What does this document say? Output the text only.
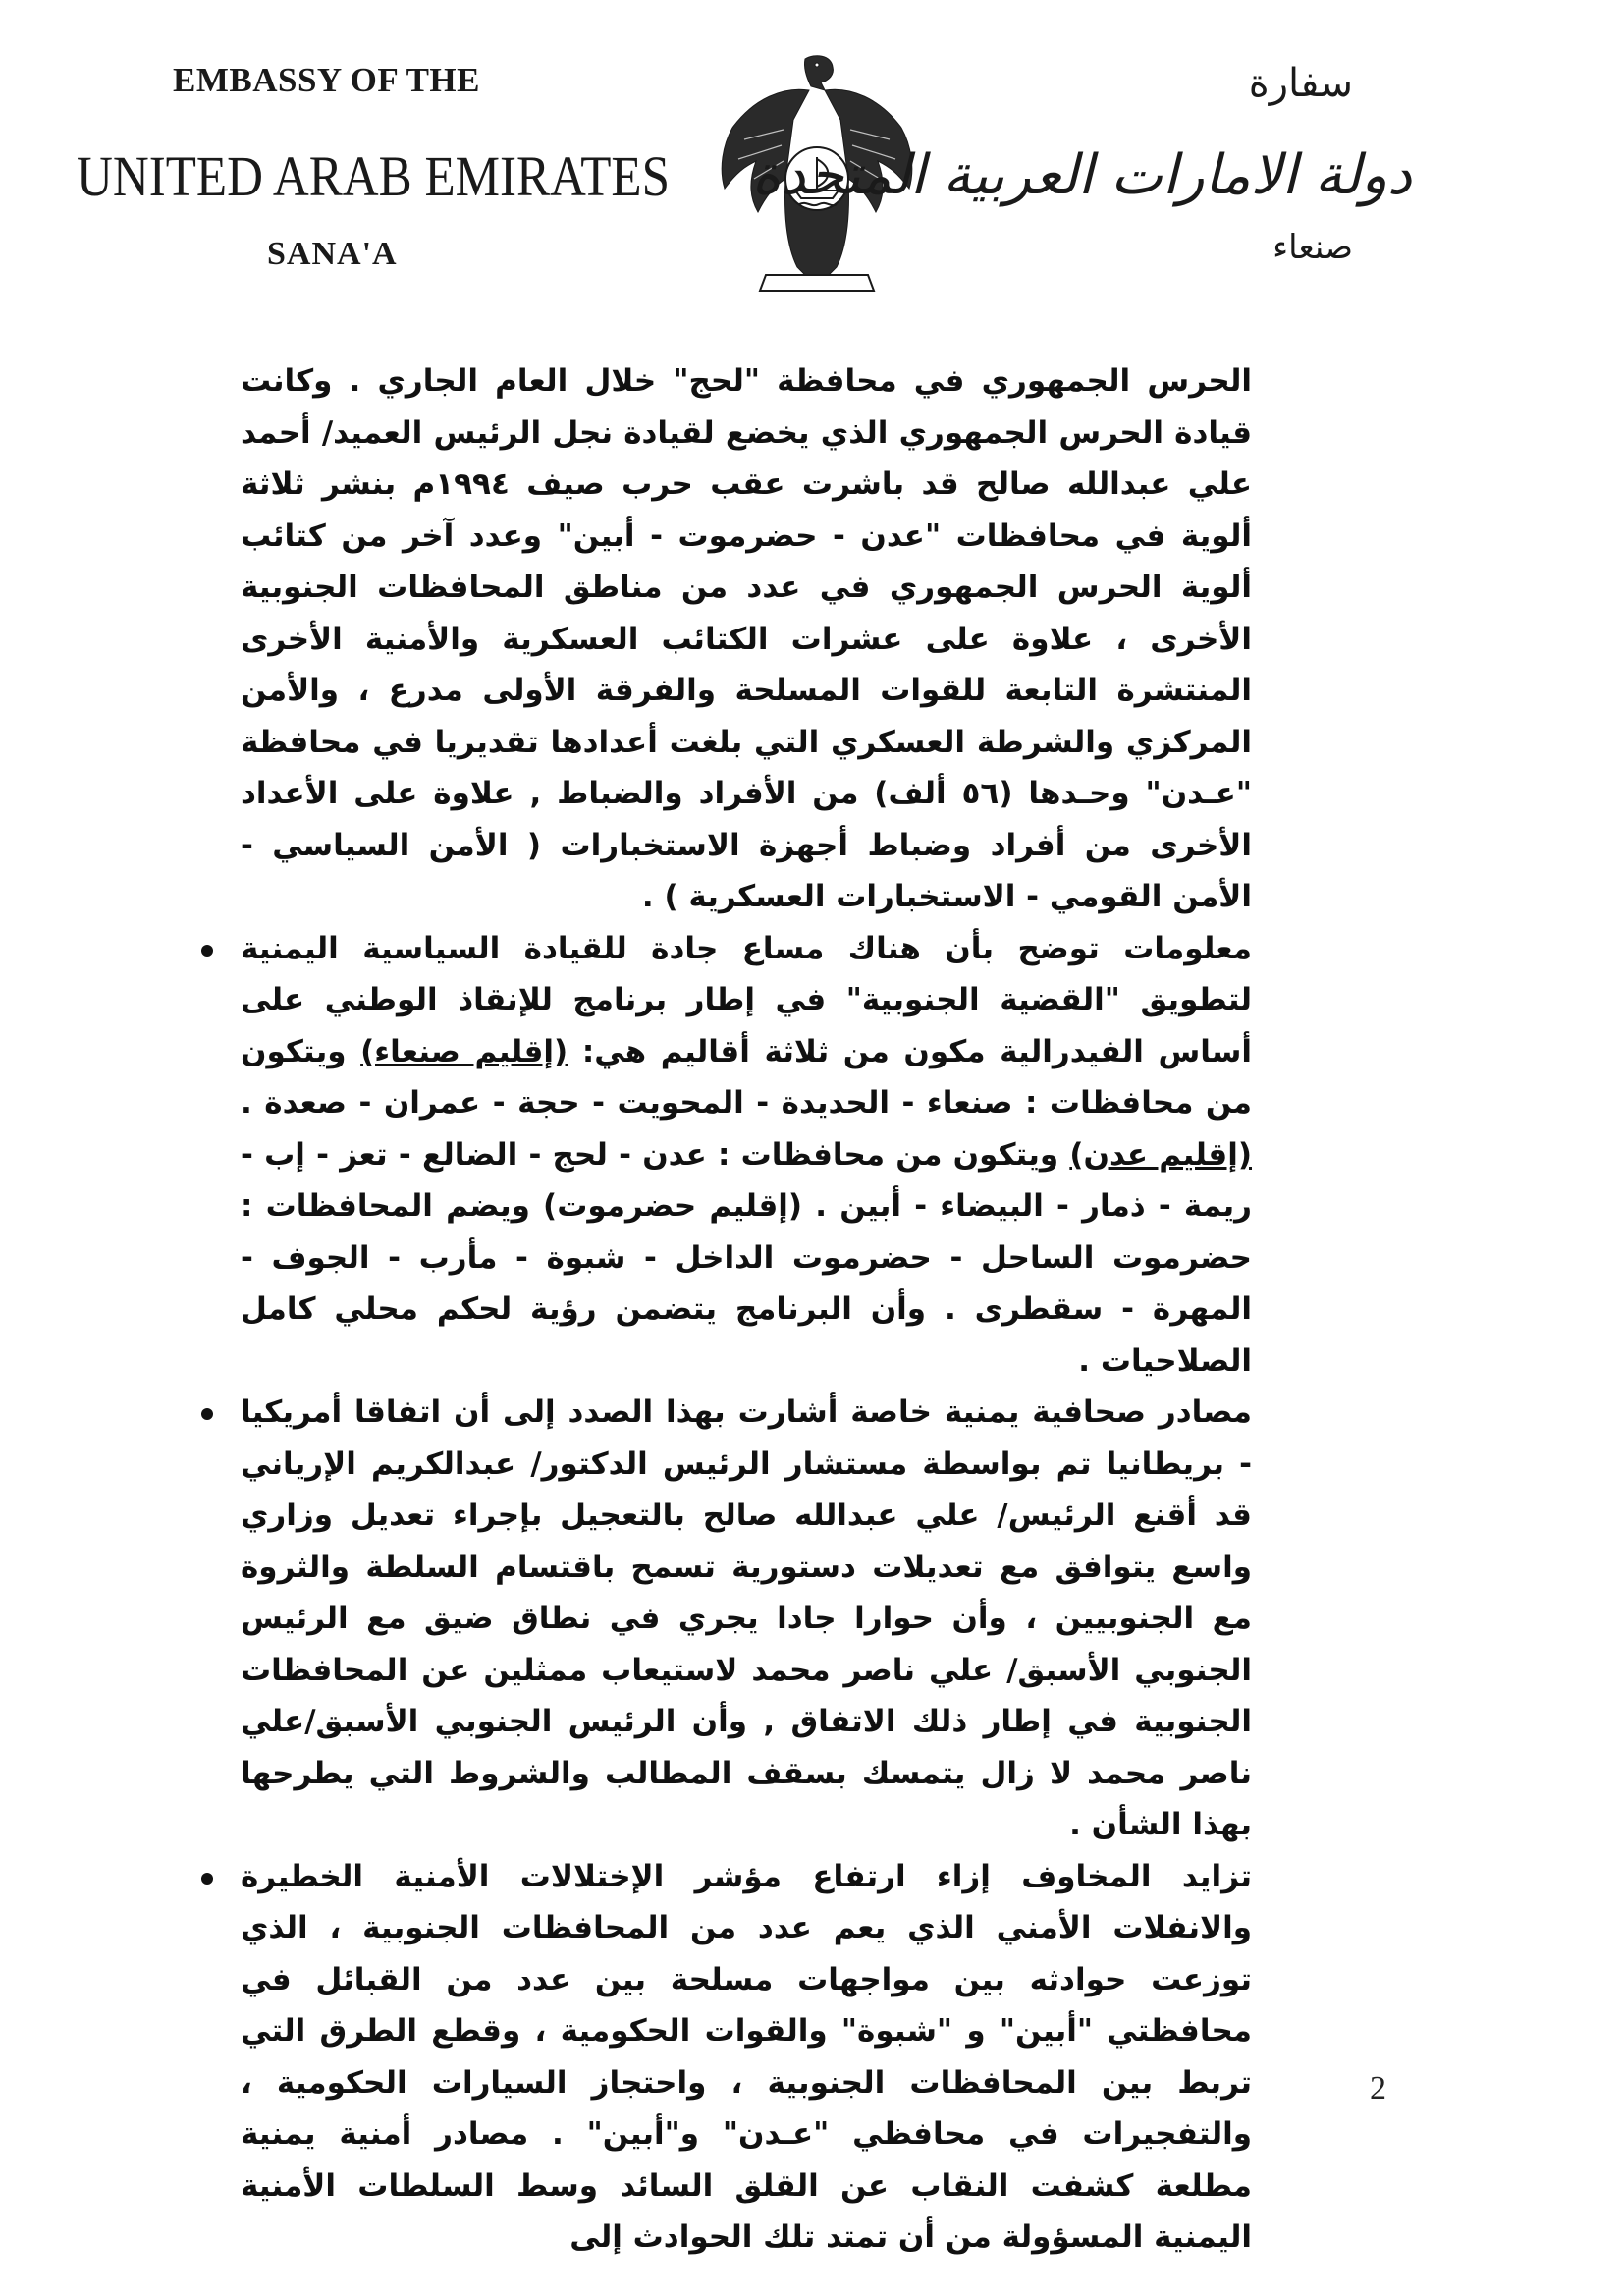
EMBASSY OF THE
UNITED ARAB EMIRATES
SANA'A
سفارة
دولة الامارات العربية المتحدة
صنعاء

الحرس الجمهوري في محافظة "لحج" خلال العام الجاري . وكانت قيادة الحرس الجمهوري الذي يخضع لقيادة نجل الرئيس العميد/ أحمد علي عبدالله صالح قد باشرت عقب حرب صيف ١٩٩٤م بنشر ثلاثة ألوية في محافظات "عدن - حضرموت - أبين" وعدد آخر من كتائب ألوية الحرس الجمهوري في عدد من مناطق المحافظات الجنوبية الأخرى ، علاوة على عشرات الكتائب العسكرية والأمنية الأخرى المنتشرة التابعة للقوات المسلحة والفرقة الأولى مدرع ، والأمن المركزي والشرطة العسكري التي بلغت أعدادها تقديريا في محافظة "عـدن" وحـدها (٥٦ ألف) من الأفراد والضباط , علاوة على الأعداد الأخرى من أفراد وضباط أجهزة الاستخبارات ( الأمن السياسي - الأمن القومي - الاستخبارات العسكرية ) .

معلومات توضح بأن هناك مساع جادة للقيادة السياسية اليمنية لتطويق "القضية الجنوبية" في إطار برنامج للإنقاذ الوطني على أساس الفيدرالية مكون من ثلاثة أقاليم هي: (إقليم صنعاء) ويتكون من محافظات : صنعاء - الحديدة - المحويت - حجة - عمران - صعدة . (إقليم عدن) ويتكون من محافظات : عدن - لحج - الضالع - تعز - إب - ريمة - ذمار - البيضاء - أبين . (إقليم حضرموت) ويضم المحافظات : حضرموت الساحل - حضرموت الداخل - شبوة - مأرب - الجوف - المهرة - سقطرى . وأن البرنامج يتضمن رؤية لحكم محلي كامل الصلاحيات .
مصادر صحافية يمنية خاصة أشارت بهذا الصدد إلى أن اتفاقا أمريكيا - بريطانيا تم بواسطة مستشار الرئيس الدكتور/ عبدالكريم الإرياني قد أقنع الرئيس/ علي عبدالله صالح بالتعجيل بإجراء تعديل وزاري واسع يتوافق مع تعديلات دستورية تسمح باقتسام السلطة والثروة مع الجنوبيين ، وأن حوارا جادا يجري في نطاق ضيق مع الرئيس الجنوبي الأسبق/ علي ناصر محمد لاستيعاب ممثلين عن المحافظات الجنوبية في إطار ذلك الاتفاق , وأن الرئيس الجنوبي الأسبق/علي ناصر محمد لا زال يتمسك بسقف المطالب والشروط التي يطرحها بهذا الشأن .
تزايد المخاوف إزاء ارتفاع مؤشر الإختلالات الأمنية الخطيرة والانفلات الأمني الذي يعم عدد من المحافظات الجنوبية ، الذي توزعت حوادثه بين مواجهات مسلحة بين عدد من القبائل في محافظتي "أبين" و "شبوة" والقوات الحكومية ، وقطع الطرق التي تربط بين المحافظات الجنوبية ، واحتجاز السيارات الحكومية ، والتفجيرات في محافظي "عـدن" و"أبين" . مصادر أمنية يمنية مطلعة كشفت النقاب عن القلق السائد وسط السلطات الأمنية اليمنية المسؤولة من أن تمتد تلك الحوادث إلى
2
